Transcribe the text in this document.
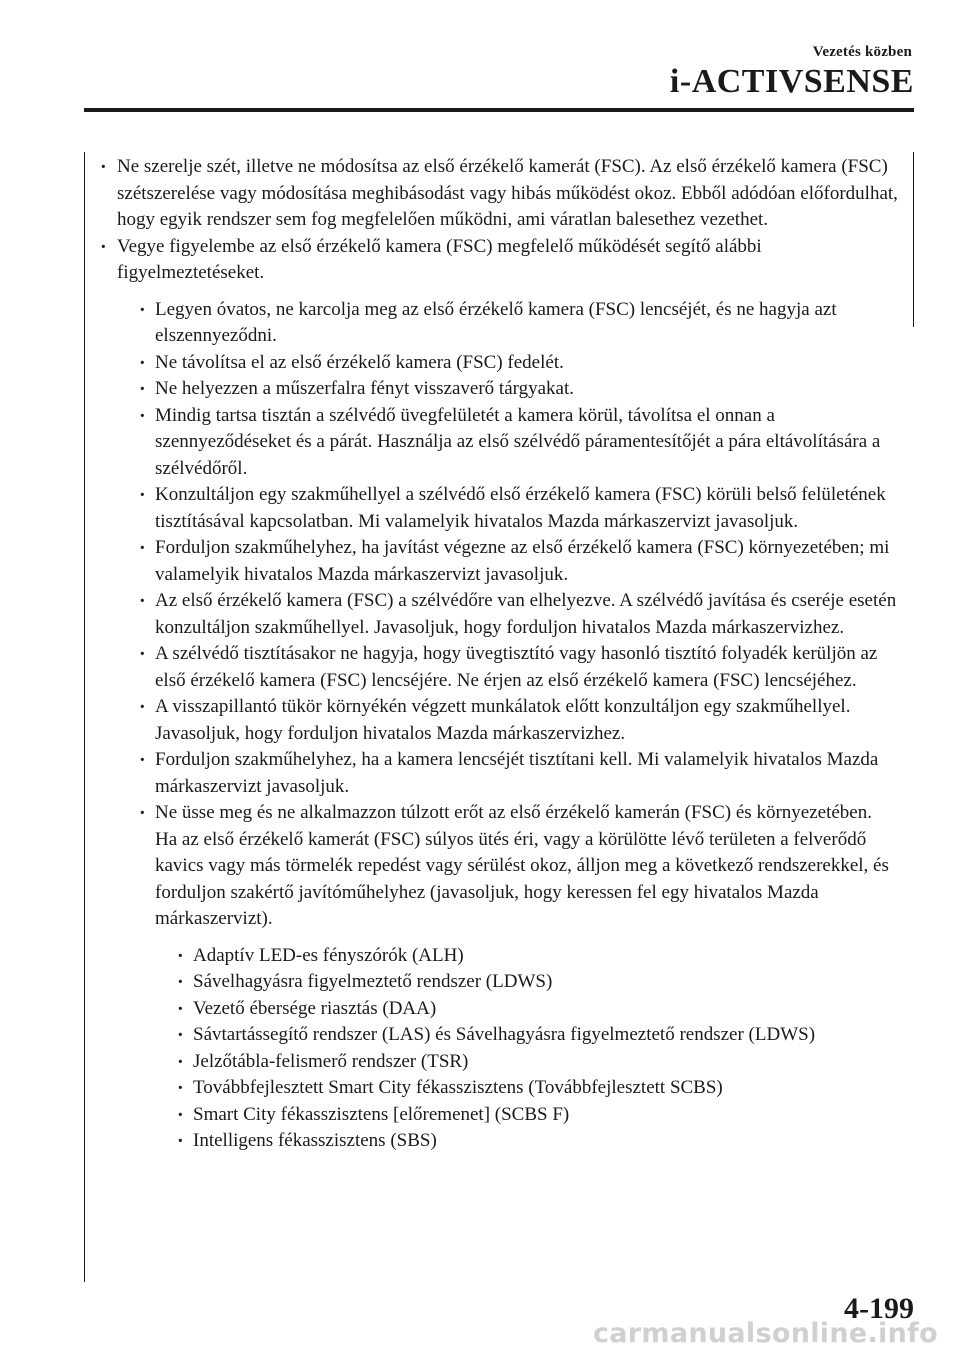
Vezetés közben
i-ACTIVSENSE
· Ne szerelje szét, illetve ne módosítsa az első érzékelő kamerát (FSC). Az első érzékelő kamera (FSC) szétszerelése vagy módosítása meghibásodást vagy hibás működést okoz. Ebből adódóan előfordulhat, hogy egyik rendszer sem fog megfelelően működni, ami váratlan balesethez vezethet.
· Vegye figyelembe az első érzékelő kamera (FSC) megfelelő működését segítő alábbi figyelmeztetéseket.
· Legyen óvatos, ne karcolja meg az első érzékelő kamera (FSC) lencséjét, és ne hagyja azt elszennyeződni.
· Ne távolítsa el az első érzékelő kamera (FSC) fedelét.
· Ne helyezzen a műszerfalra fényt visszaverő tárgyakat.
· Mindig tartsa tisztán a szélvédő üvegfelületét a kamera körül, távolítsa el onnan a szennyeződéseket és a párát. Használja az első szélvédő páramentesítőjét a pára eltávolítására a szélvédőről.
· Konzultáljon egy szakműhellyel a szélvédő első érzékelő kamera (FSC) körüli belső felületének tisztításával kapcsolatban. Mi valamelyik hivatalos Mazda márkaszervizt javasoljuk.
· Forduljon szakműhelyhez, ha javítást végezne az első érzékelő kamera (FSC) környezetében; mi valamelyik hivatalos Mazda márkaszervizt javasoljuk.
· Az első érzékelő kamera (FSC) a szélvédőre van elhelyezve. A szélvédő javítása és cseréje esetén konzultáljon szakműhellyel. Javasoljuk, hogy forduljon hivatalos Mazda márkaszervizhez.
· A szélvédő tisztításakor ne hagyja, hogy üvegtisztító vagy hasonló tisztító folyadék kerüljön az első érzékelő kamera (FSC) lencséjére. Ne érjen az első érzékelő kamera (FSC) lencséjéhez.
· A visszapillantó tükör környékén végzett munkálatok előtt konzultáljon egy szakműhellyel. Javasoljuk, hogy forduljon hivatalos Mazda márkaszervizhez.
· Forduljon szakműhelyhez, ha a kamera lencséjét tisztítani kell. Mi valamelyik hivatalos Mazda márkaszervizt javasoljuk.
· Ne üsse meg és ne alkalmazzon túlzott erőt az első érzékelő kamerán (FSC) és környezetében. Ha az első érzékelő kamerát (FSC) súlyos ütés éri, vagy a körülötte lévő területen a felverődő kavics vagy más törmelék repedést vagy sérülést okoz, álljon meg a következő rendszerekkel, és forduljon szakértő javítóműhelyhez (javasoljuk, hogy keressen fel egy hivatalos Mazda márkaszervizt).
· Adaptív LED-es fényszórók (ALH)
· Sávelhagyásra figyelmeztető rendszer (LDWS)
· Vezető ébersége riasztás (DAA)
· Sávtartássegítő rendszer (LAS) és Sávelhagyásra figyelmeztető rendszer (LDWS)
· Jelzőtábla-felismerő rendszer (TSR)
· Továbbfejlesztett Smart City fékasszisztens (Továbbfejlesztett SCBS)
· Smart City fékasszisztens [előremenet] (SCBS F)
· Intelligens fékasszisztens (SBS)
4-199
carmanualsonline.info
